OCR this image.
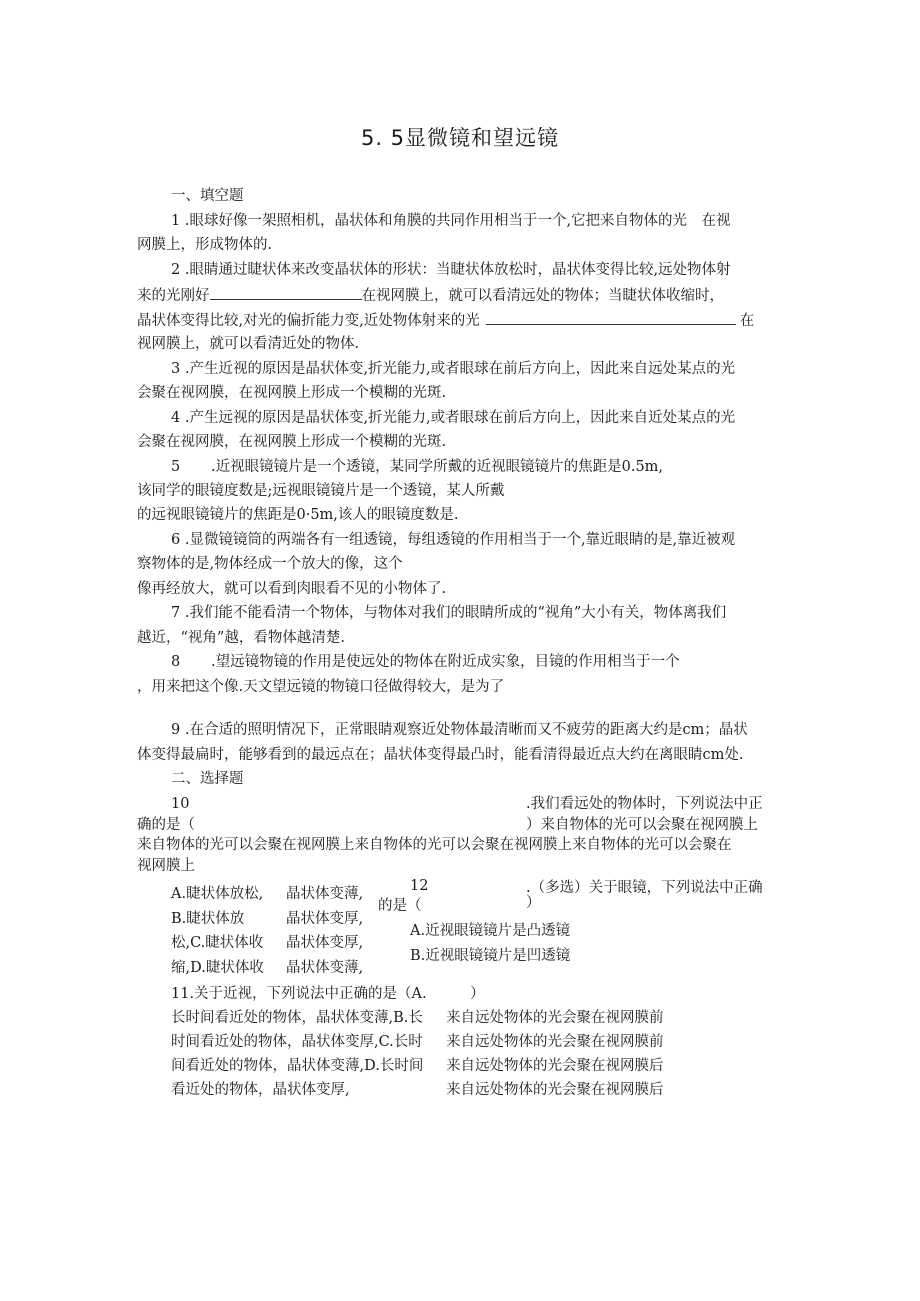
5. 5显微镜和望远镜
一、填空题
1 .眼球好像一架照相机，晶状体和角膜的共同作用相当于一个,它把来自物体的光　在视
网膜上，形成物体的.
2 .眼睛通过睫状体来改变晶状体的形状：当睫状体放松时，晶状体变得比较,远处物体射
来的光刚好	在视网膜上，就可以看清远处的物体；当睫状体收缩时，
晶状体变得比较,对光的偏折能力变,近处物体射来的光	在
视网膜上，就可以看清近处的物体.
3 .产生近视的原因是晶状体变,折光能力,或者眼球在前后方向上，因此来自远处某点的光
会聚在视网膜，在视网膜上形成一个模糊的光斑.
4 .产生远视的原因是晶状体变,折光能力,或者眼球在前后方向上，因此来自近处某点的光
会聚在视网膜，在视网膜上形成一个模糊的光斑.
5 .近视眼镜镜片是一个透镜，某同学所戴的近视眼镜镜片的焦距是0.5m,
该同学的眼镜度数是;远视眼镜镜片是一个透镜，某人所戴
的远视眼镜镜片的焦距是0·5m,该人的眼镜度数是.
6 .显微镜镜筒的两端各有一组透镜，每组透镜的作用相当于一个,靠近眼睛的是,靠近被观
察物体的是,物体经成一个放大的像，这个
像再经放大，就可以看到肉眼看不见的小物体了.
7 .我们能不能看清一个物体，与物体对我们的眼睛所成的“视角”大小有关，物体离我们
越近，“视角”越，看物体越清楚.
8 .望远镜物镜的作用是使远处的物体在附近成实象，目镜的作用相当于一个
，用来把这个像.天文望远镜的物镜口径做得较大，是为了
9 .在合适的照明情况下，正常眼睛观察近处物体最清晰而又不疲劳的距离大约是cm；晶状
体变得最扁时，能够看到的最远点在；晶状体变得最凸时，能看清得最近点大约在离眼睛cm处.
二、选择题
10	.我们看远处的物体时，下列说法中正
确的是（	）来自物体的光可以会聚在视网膜上
来自物体的光可以会聚在视网膜上来自物体的光可以会聚在视网膜上来自物体的光可以会聚在
视网膜上
A.睫状体放松, 晶状体变薄,
B.睫状体放	晶状体变厚,
松,C.睫状体收 晶状体变厚,
缩,D.睫状体收 晶状体变薄,
12	.（多选）关于眼镜，下列说法中正确
的是（	）
A.近视眼镜镜片是凸透镜
B.近视眼镜镜片是凹透镜
11.关于近视，下列说法中正确的是（A.　　　）
长时间看近处的物体，晶状体变薄,B.长 来自远处物体的光会聚在视网膜前
时间看近处的物体，晶状体变厚,C.长时 来自远处物体的光会聚在视网膜前
间看近处的物体，晶状体变薄,D.长时间 来自远处物体的光会聚在视网膜后
看近处的物体，晶状体变厚,	来自远处物体的光会聚在视网膜后
